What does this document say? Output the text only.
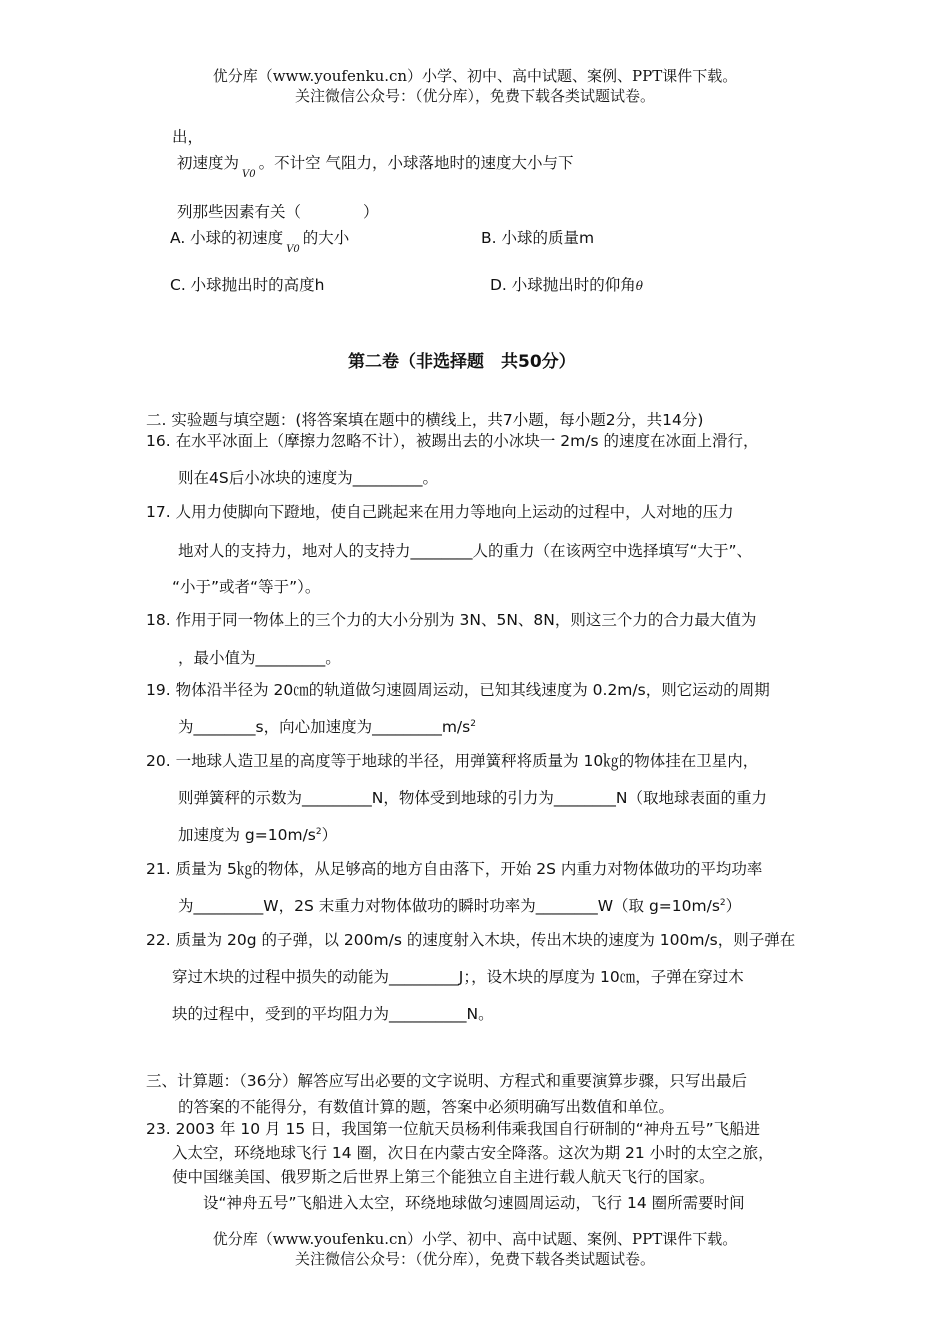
优分库（www.youfenku.cn）小学、初中、高中试题、案例、PPT课件下载。
关注微信公众号：（优分库），免费下载各类试题试卷。
出，
初速度为$_{V0}$。不计空 气阻力，小球落地时的速度大小与下
列那些因素有关（　　　　）
A. 小球的初速度$_{V0}$的大小	B. 小球的质量m
C. 小球抛出时的高度h	D. 小球抛出时的仰角θ
第二卷（非选择题　共50分）
二. 实验题与填空题：(将答案填在题中的横线上，共7小题，每小题2分，共14分)
16. 在水平冰面上（摩擦力忽略不计），被踢出去的小冰块一 2m/s 的速度在冰面上滑行，
则在4S后小冰块的速度为_________。
17. 人用力使脚向下蹬地，使自己跳起来在用力等地向上运动的过程中，人对地的压力
地对人的支持力，地对人的支持力________人的重力（在该两空中选择填写“大于”、
“小于”或者“等于”）。
18. 作用于同一物体上的三个力的大小分别为 3N、5N、8N，则这三个力的合力最大值为
，最小值为_________。
19. 物体沿半径为 20㎝的轨道做匀速圆周运动，已知其线速度为 0.2m/s，则它运动的周期
为________s，向心加速度为$\_\_\_\_\_\_\_\_\_m/s^2$
20. 一地球人造卫星的高度等于地球的半径，用弹簧秤将质量为 10㎏的物体挂在卫星内，
则弹簧秤的示数为_________N，物体受到地球的引力为________N（取地球表面的重力
加速度为 $g=10m/s^2$）
21. 质量为 5㎏的物体，从足够高的地方自由落下，开始 2S 内重力对物体做功的平均功率
为_________W，2S 末重力对物体做功的瞬时功率为________W（取 $g=10m/s^2$）
22. 质量为 20g 的子弹，以 200m/s 的速度射入木块，传出木块的速度为 100m/s，则子弹在
穿过木块的过程中损失的动能为_________J；，设木块的厚度为 10㎝，子弹在穿过木
块的过程中，受到的平均阻力为__________N。
三、计算题：（36分）解答应写出必要的文字说明、方程式和重要演算步骤，只写出最后
的答案的不能得分，有数值计算的题，答案中必须明确写出数值和单位。
23. 2003 年 10 月 15 日，我国第一位航天员杨利伟乘我国自行研制的“神舟五号”飞船进
入太空，环绕地球飞行 14 圈，次日在内蒙古安全降落。这次为期 21 小时的太空之旅，
使中国继美国、俄罗斯之后世界上第三个能独立自主进行载人航天飞行的国家。
设“神舟五号”飞船进入太空，环绕地球做匀速圆周运动，飞行 14 圈所需要时间
优分库（www.youfenku.cn）小学、初中、高中试题、案例、PPT课件下载。
关注微信公众号：（优分库），免费下载各类试题试卷。
